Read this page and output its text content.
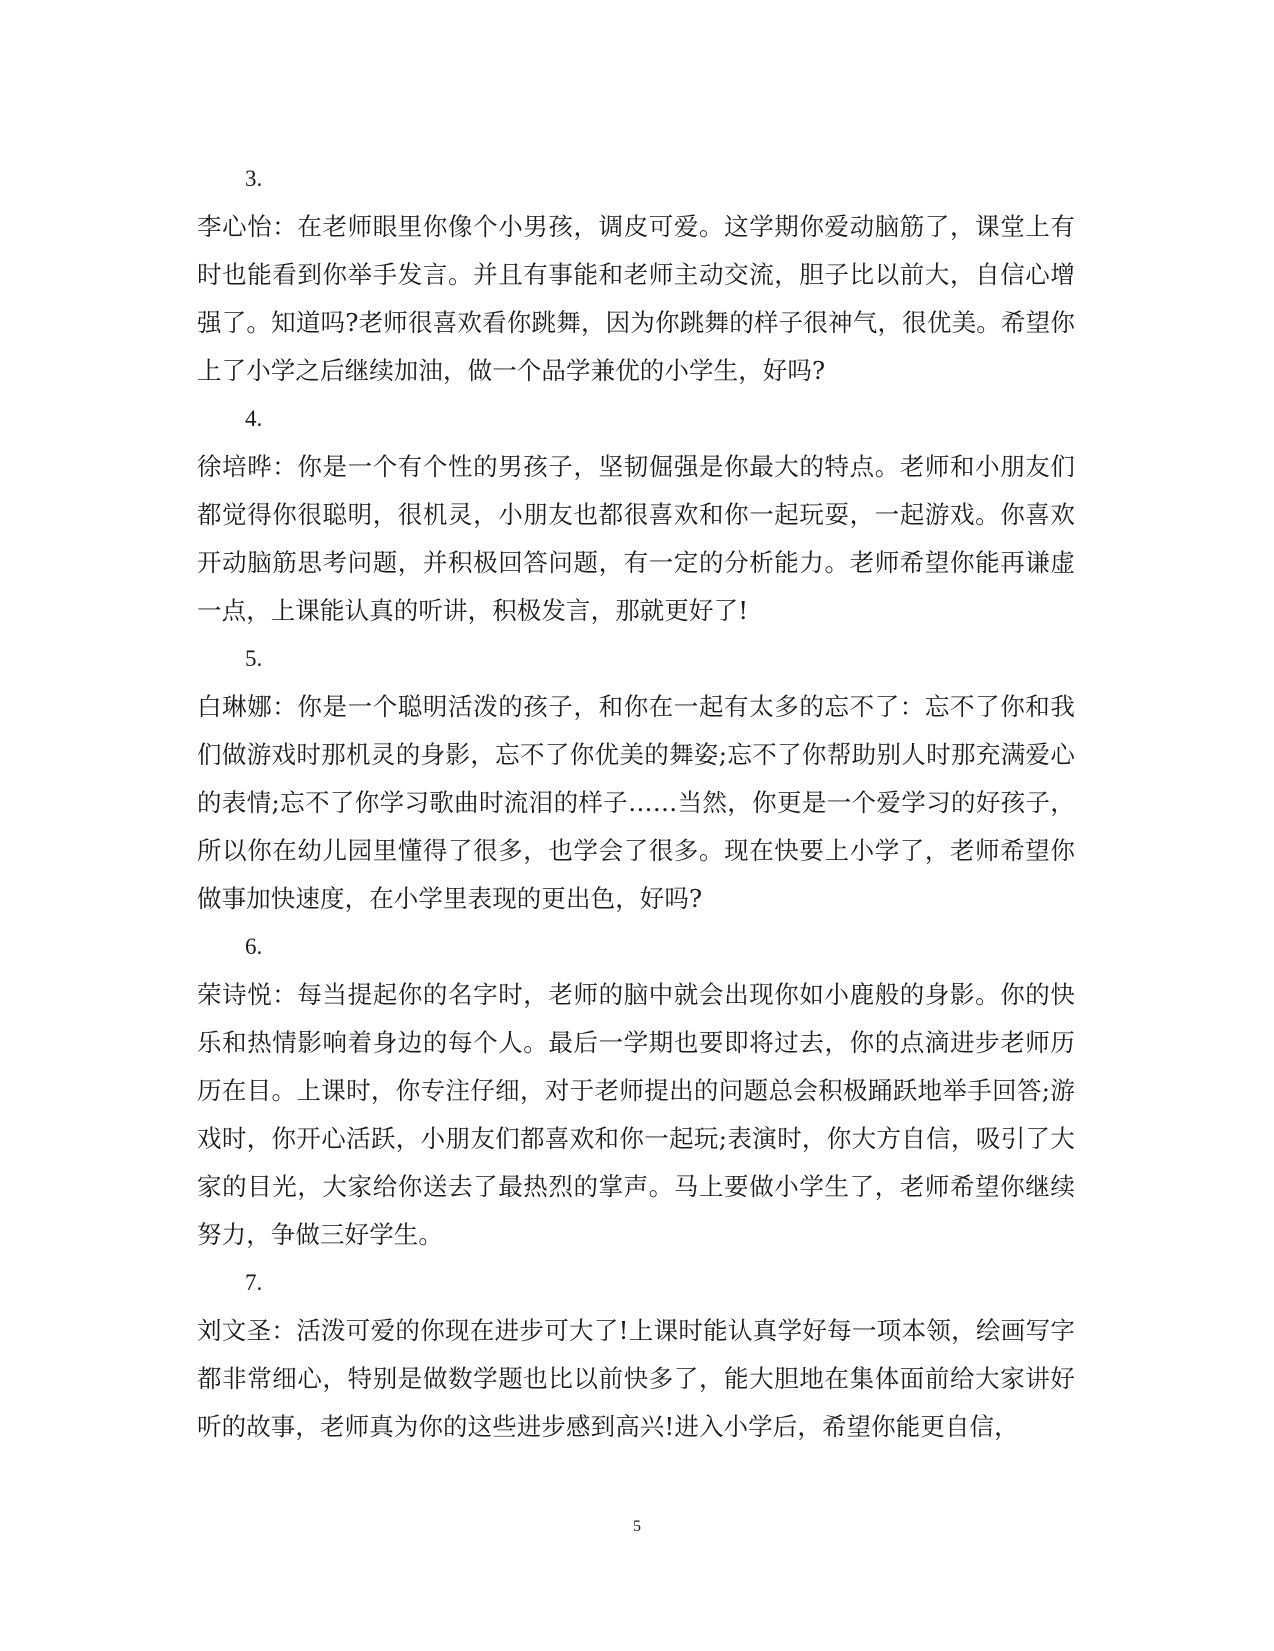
3.

李心怡：在老师眼里你像个小男孩，调皮可爱。这学期你爱动脑筋了，课堂上有时也能看到你举手发言。并且有事能和老师主动交流，胆子比以前大，自信心增强了。知道吗?老师很喜欢看你跳舞，因为你跳舞的样子很神气，很优美。希望你上了小学之后继续加油，做一个品学兼优的小学生，好吗?

4.

徐培晔：你是一个有个性的男孩子，坚韧倔强是你最大的特点。老师和小朋友们都觉得你很聪明，很机灵，小朋友也都很喜欢和你一起玩耍，一起游戏。你喜欢开动脑筋思考问题，并积极回答问题，有一定的分析能力。老师希望你能再谦虚一点，上课能认真的听讲，积极发言，那就更好了!

5.

白琳娜：你是一个聪明活泼的孩子，和你在一起有太多的忘不了：忘不了你和我们做游戏时那机灵的身影，忘不了你优美的舞姿;忘不了你帮助别人时那充满爱心的表情;忘不了你学习歌曲时流泪的样子……当然，你更是一个爱学习的好孩子，所以你在幼儿园里懂得了很多，也学会了很多。现在快要上小学了，老师希望你做事加快速度，在小学里表现的更出色，好吗?

6.

荣诗悦：每当提起你的名字时，老师的脑中就会出现你如小鹿般的身影。你的快乐和热情影响着身边的每个人。最后一学期也要即将过去，你的点滴进步老师历历在目。上课时，你专注仔细，对于老师提出的问题总会积极踊跃地举手回答;游戏时，你开心活跃，小朋友们都喜欢和你一起玩;表演时，你大方自信，吸引了大家的目光，大家给你送去了最热烈的掌声。马上要做小学生了，老师希望你继续努力，争做三好学生。

7.

刘文圣：活泼可爱的你现在进步可大了!上课时能认真学好每一项本领，绘画写字都非常细心，特别是做数学题也比以前快多了，能大胆地在集体面前给大家讲好听的故事，老师真为你的这些进步感到高兴!进入小学后，希望你能更自信，

5
